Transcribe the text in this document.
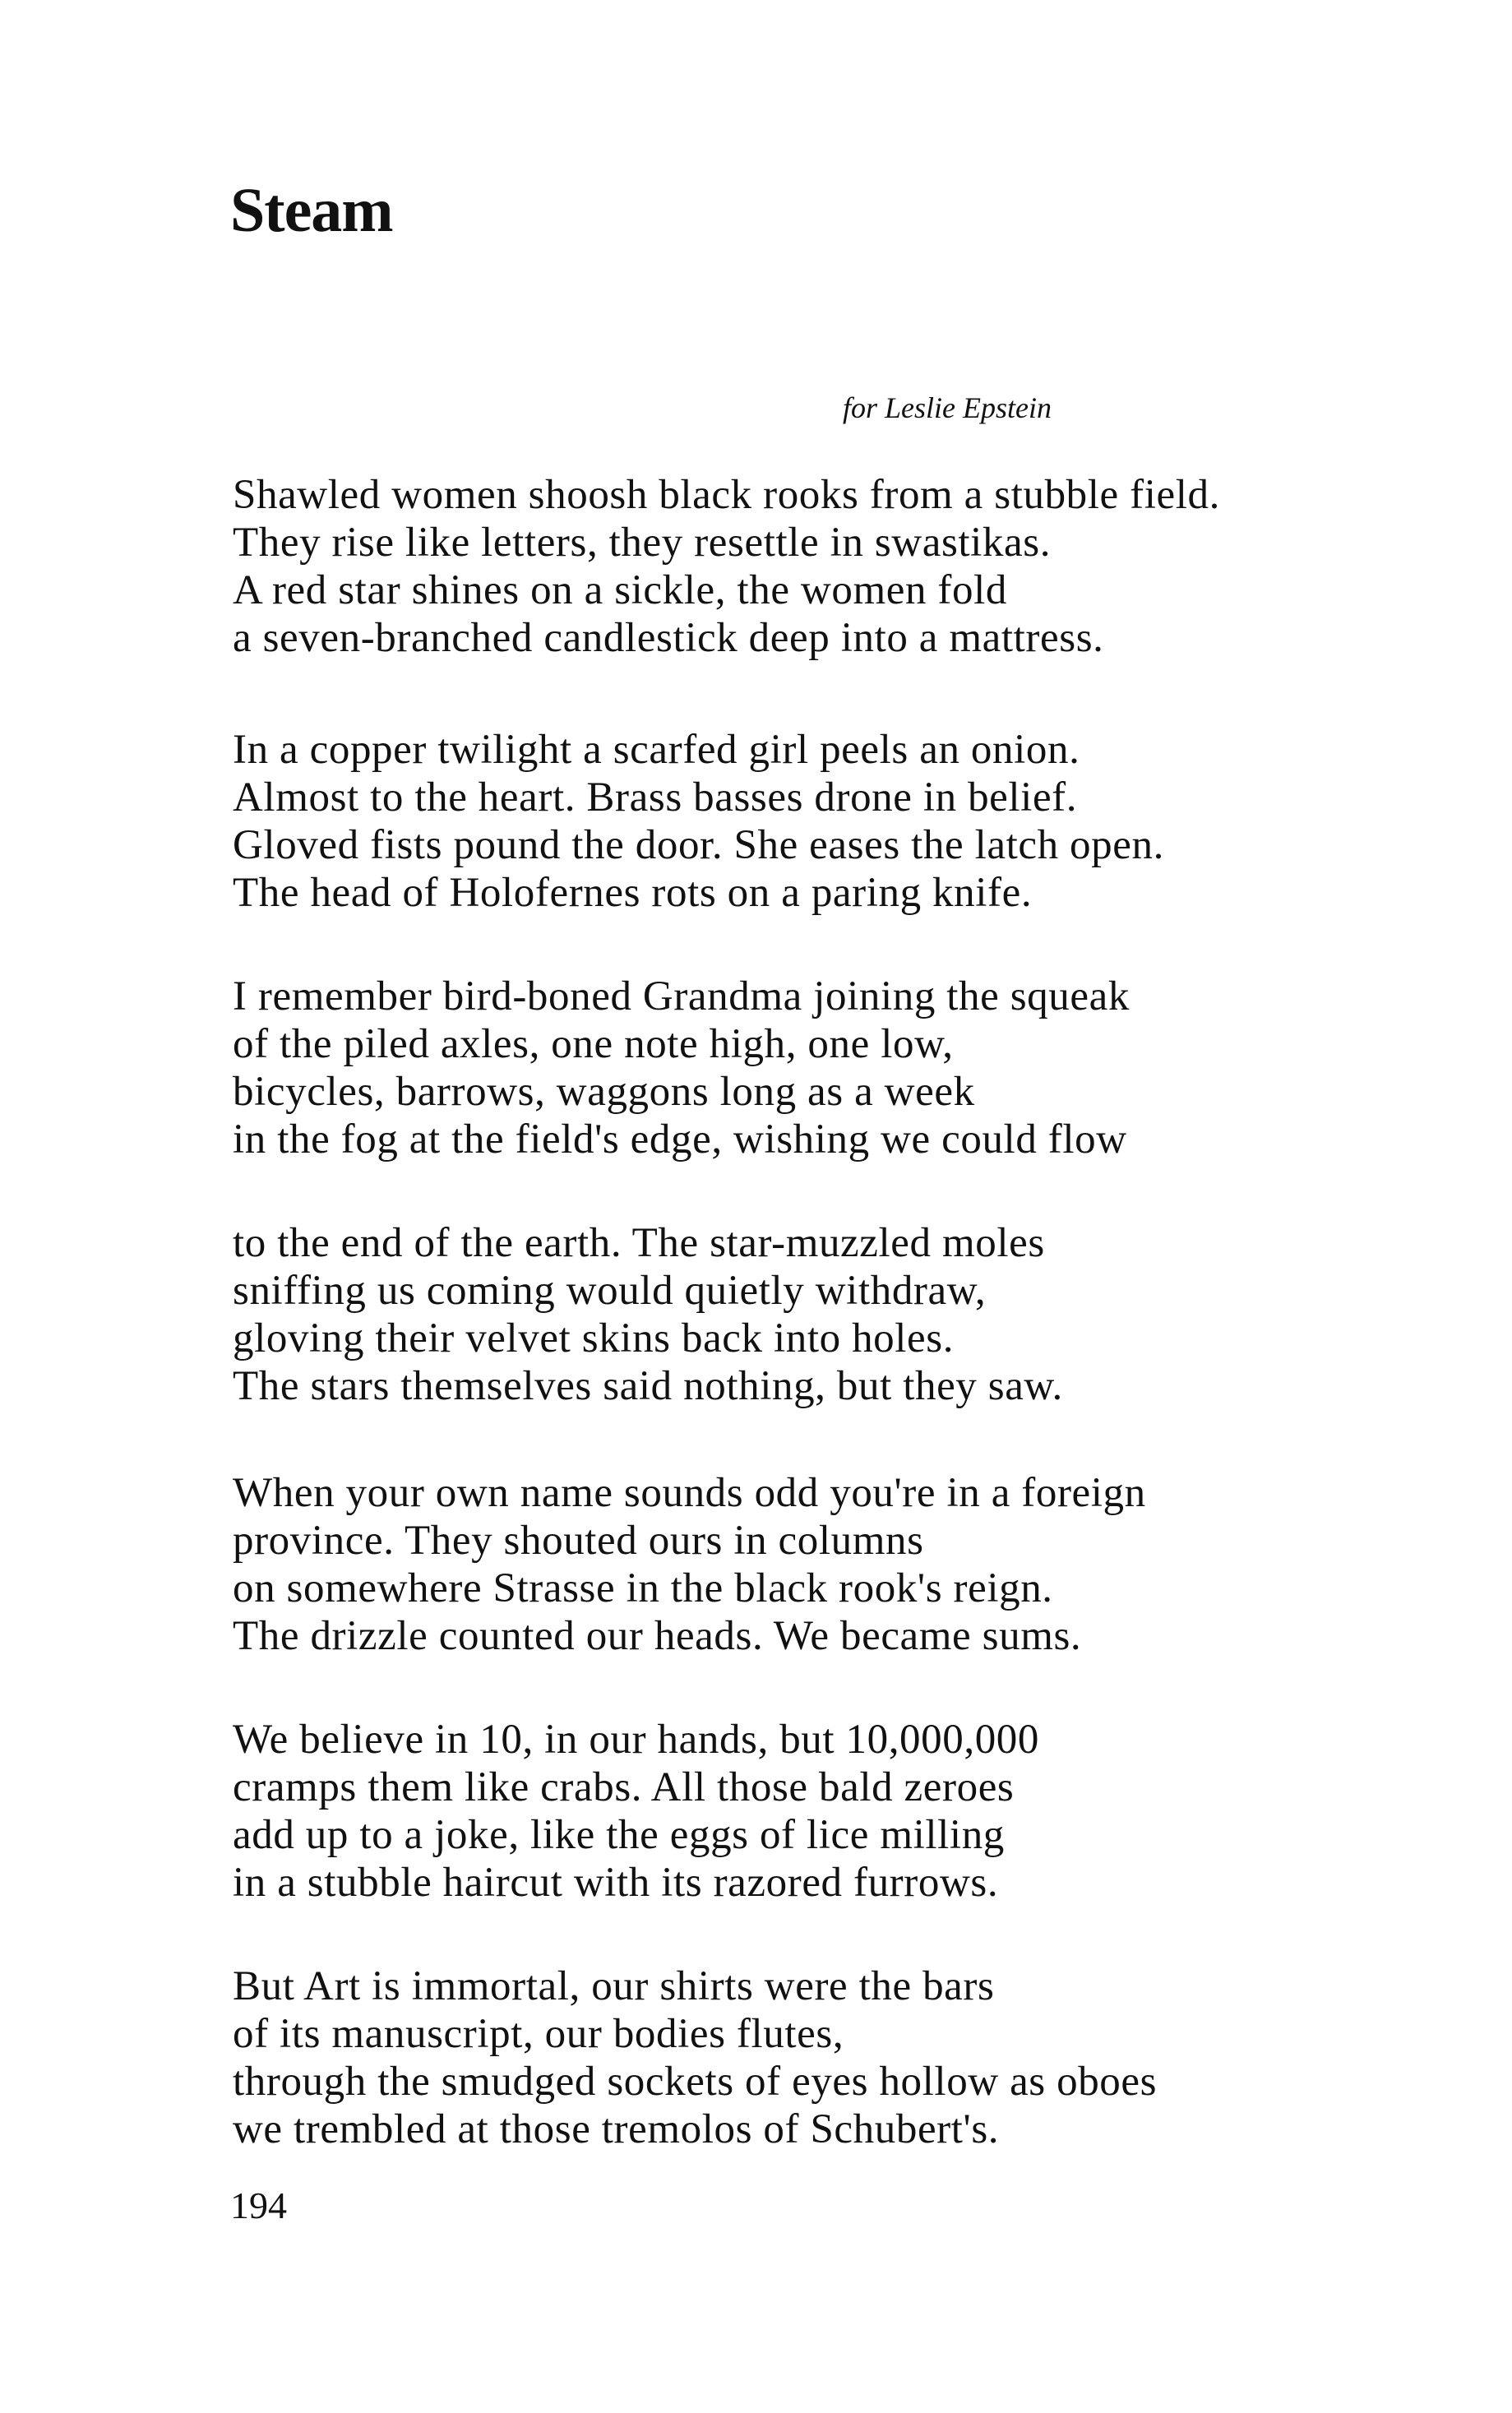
Steam
for Leslie Epstein
Shawled women shoosh black rooks from a stubble field.
They rise like letters, they resettle in swastikas.
A red star shines on a sickle, the women fold
a seven-branched candlestick deep into a mattress.
In a copper twilight a scarfed girl peels an onion.
Almost to the heart. Brass basses drone in belief.
Gloved fists pound the door. She eases the latch open.
The head of Holofernes rots on a paring knife.
I remember bird-boned Grandma joining the squeak
of the piled axles, one note high, one low,
bicycles, barrows, waggons long as a week
in the fog at the field's edge, wishing we could flow
to the end of the earth. The star-muzzled moles
sniffing us coming would quietly withdraw,
gloving their velvet skins back into holes.
The stars themselves said nothing, but they saw.
When your own name sounds odd you're in a foreign
province. They shouted ours in columns
on somewhere Strasse in the black rook's reign.
The drizzle counted our heads. We became sums.
We believe in 10, in our hands, but 10,000,000
cramps them like crabs. All those bald zeroes
add up to a joke, like the eggs of lice milling
in a stubble haircut with its razored furrows.
But Art is immortal, our shirts were the bars
of its manuscript, our bodies flutes,
through the smudged sockets of eyes hollow as oboes
we trembled at those tremolos of Schubert's.
194
